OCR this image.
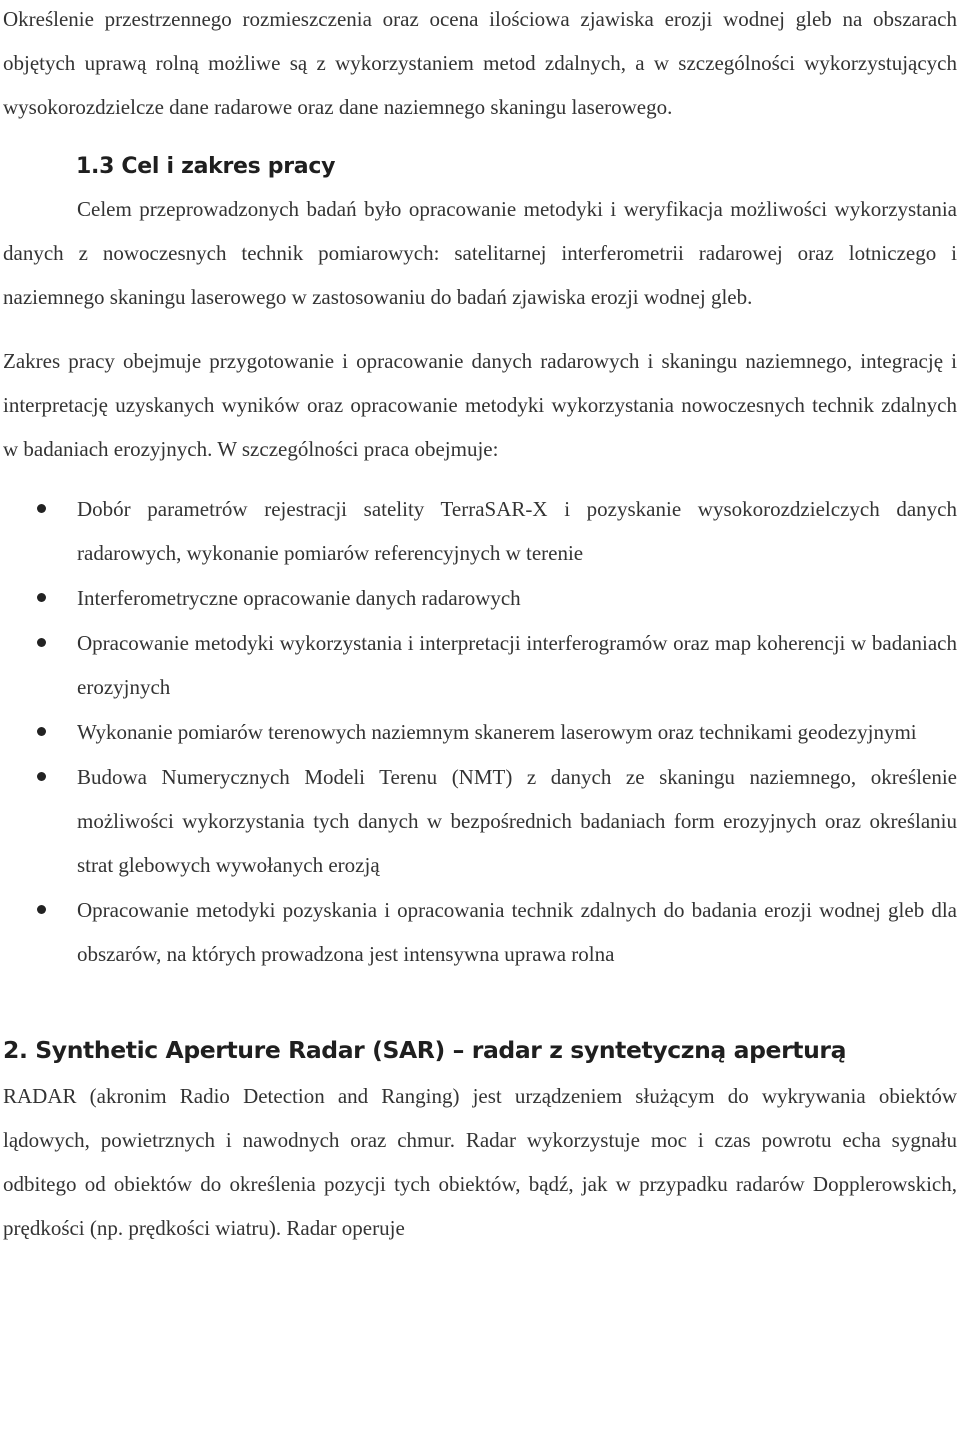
Określenie przestrzennego rozmieszczenia oraz ocena ilościowa zjawiska erozji wodnej gleb na obszarach objętych uprawą rolną możliwe są z wykorzystaniem metod zdalnych, a w szczególności wykorzystujących wysokorozdzielcze dane radarowe oraz dane naziemnego skaningu laserowego.

1.3 Cel i zakres pracy

Celem przeprowadzonych badań było opracowanie metodyki i weryfikacja możliwości wykorzystania danych z nowoczesnych technik pomiarowych: satelitarnej interferometrii radarowej oraz lotniczego i naziemnego skaningu laserowego w zastosowaniu do badań zjawiska erozji wodnej gleb.

Zakres pracy obejmuje przygotowanie i opracowanie danych radarowych i skaningu naziemnego, integrację i interpretację uzyskanych wyników oraz opracowanie metodyki wykorzystania nowoczesnych technik zdalnych w badaniach erozyjnych. W szczególności praca obejmuje:

Dobór parametrów rejestracji satelity TerraSAR-X i pozyskanie wysokorozdzielczych danych radarowych, wykonanie pomiarów referencyjnych w terenie

Interferometryczne opracowanie danych radarowych

Opracowanie metodyki wykorzystania i interpretacji interferogramów oraz map koherencji w badaniach erozyjnych

Wykonanie pomiarów terenowych naziemnym skanerem laserowym oraz technikami geodezyjnymi

Budowa Numerycznych Modeli Terenu (NMT) z danych ze skaningu naziemnego, określenie możliwości wykorzystania tych danych w bezpośrednich badaniach form erozyjnych oraz określaniu strat glebowych wywołanych erozją

Opracowanie metodyki pozyskania i opracowania technik zdalnych do badania erozji wodnej gleb dla obszarów, na których prowadzona jest intensywna uprawa rolna

2. Synthetic Aperture Radar (SAR) – radar z syntetyczną aperturą

RADAR (akronim Radio Detection and Ranging) jest urządzeniem służącym do wykrywania obiektów lądowych, powietrznych i nawodnych oraz chmur. Radar wykorzystuje moc i czas powrotu echa sygnału odbitego od obiektów do określenia pozycji tych obiektów, bądź, jak w przypadku radarów Dopplerowskich, prędkości (np. prędkości wiatru). Radar operuje
